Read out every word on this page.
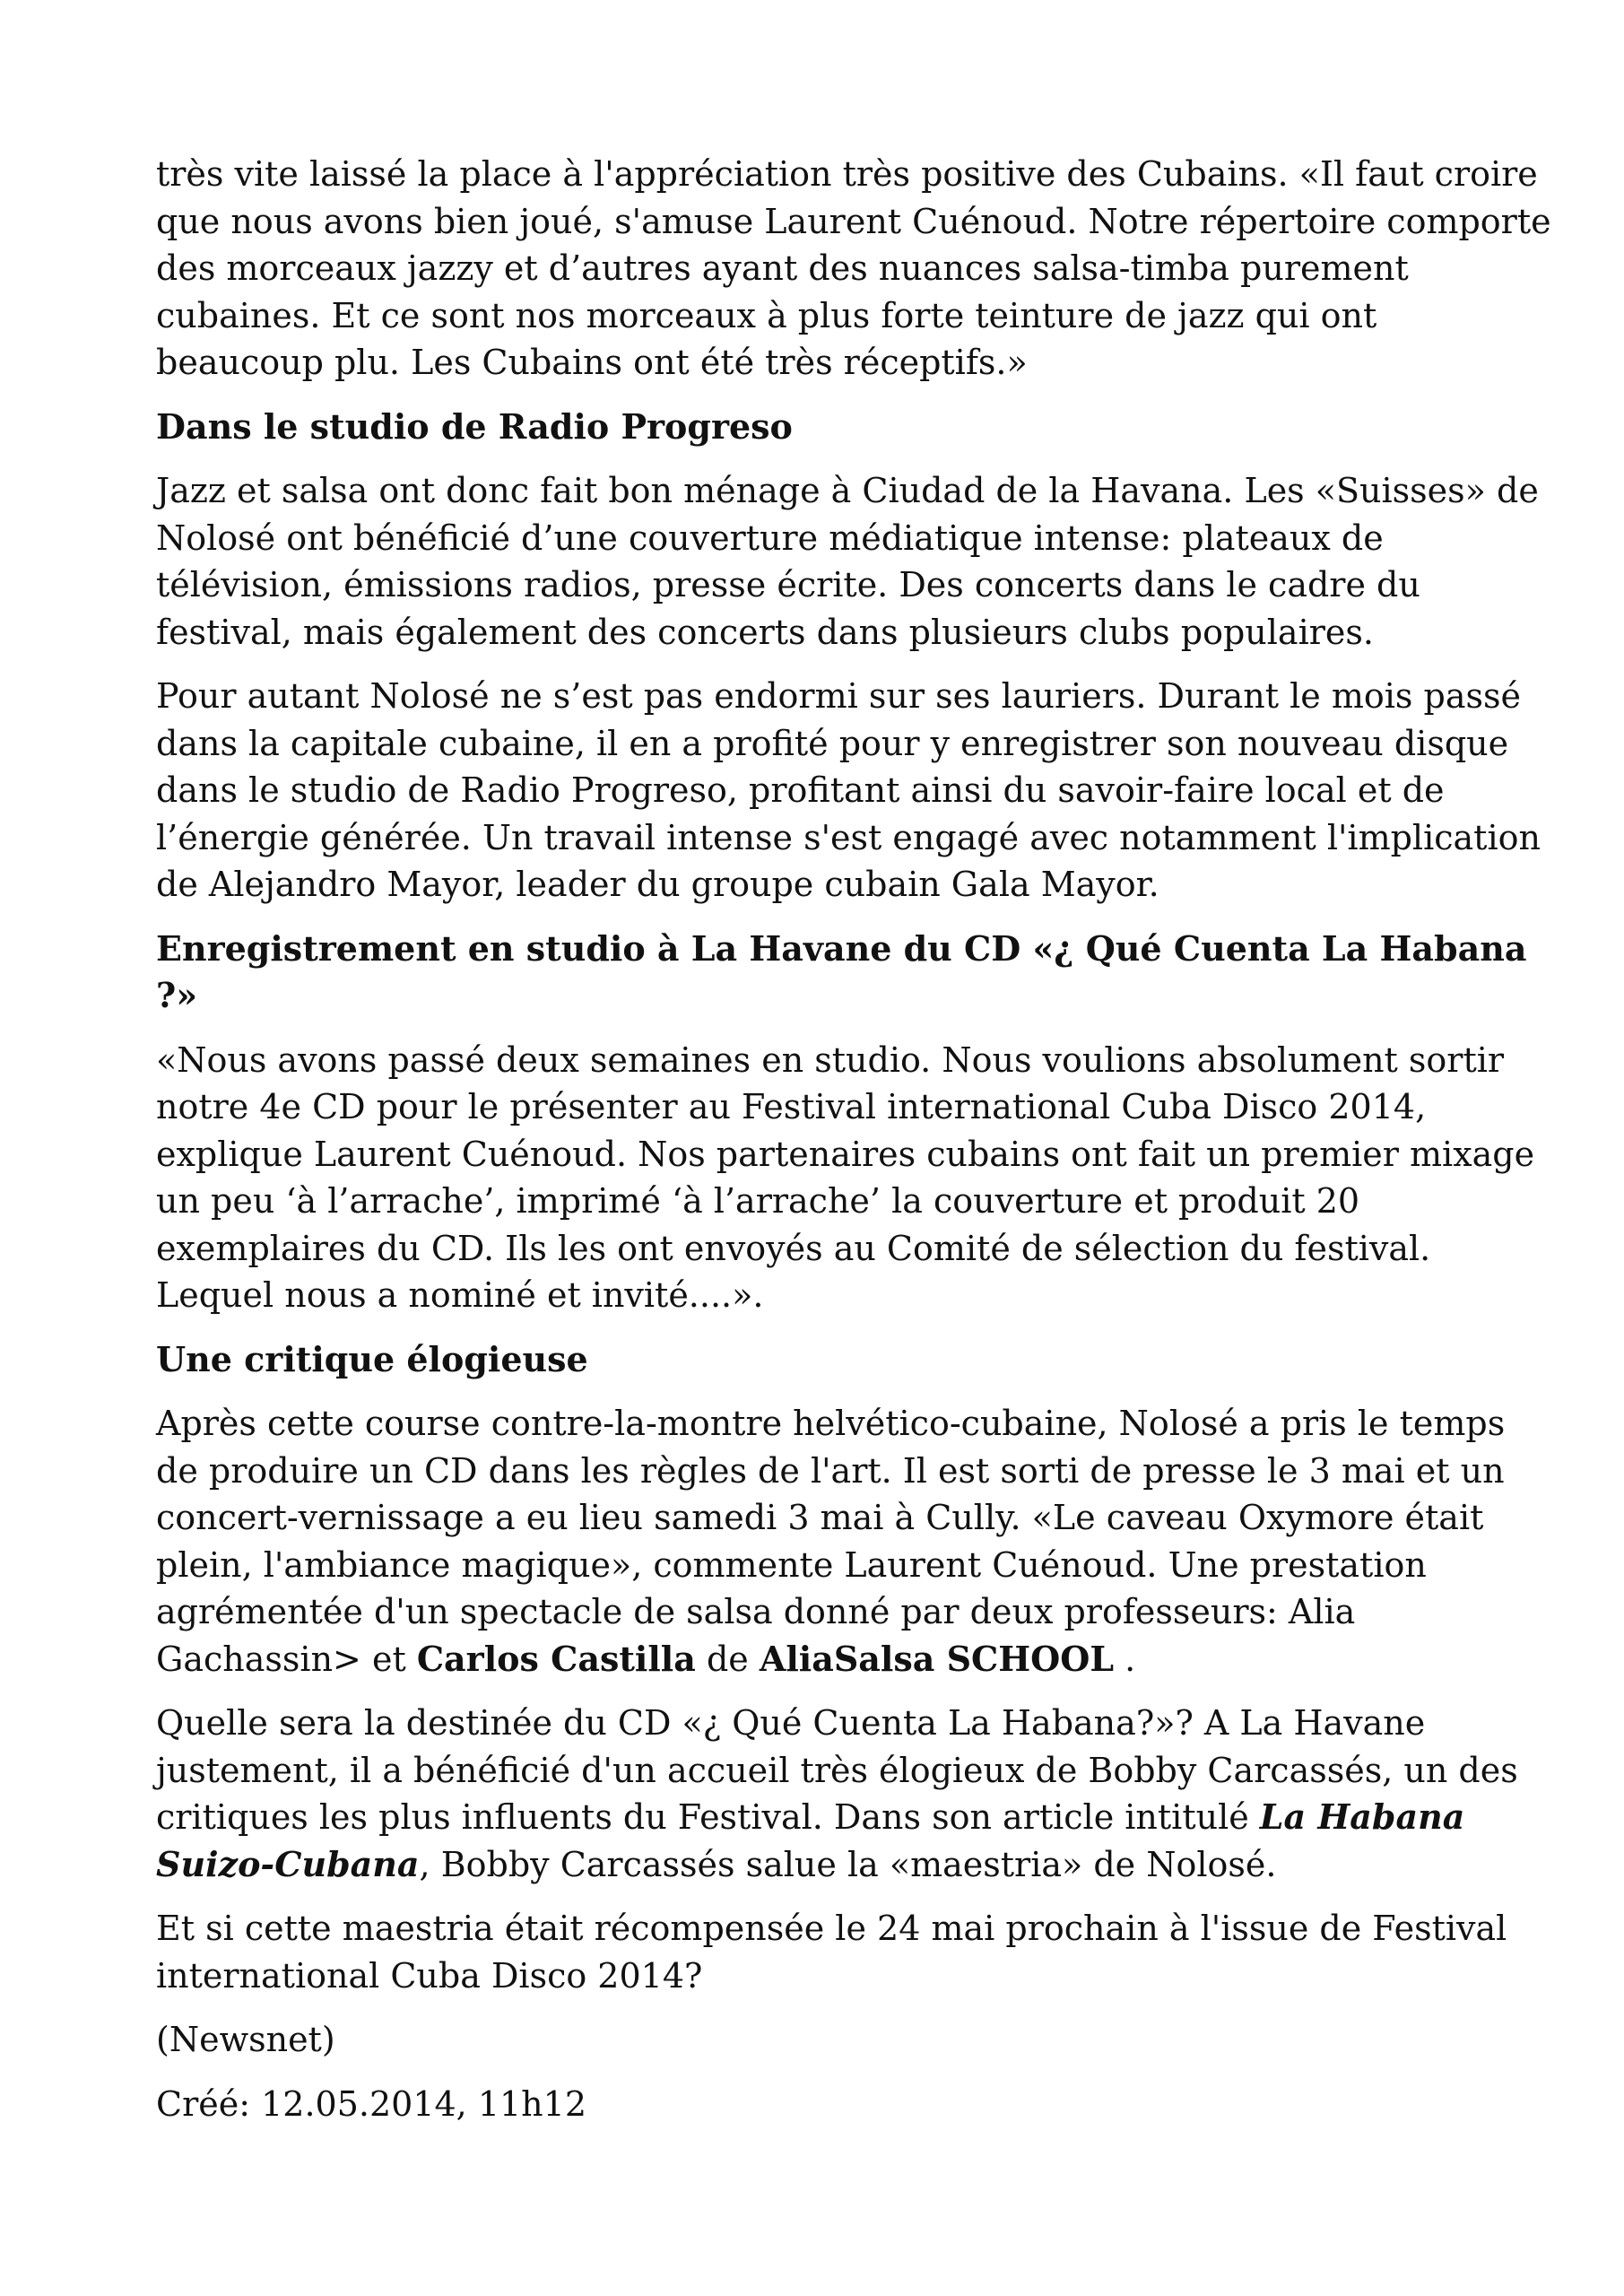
très vite laissé la place à l'appréciation très positive des Cubains. «Il faut croire que nous avons bien joué, s'amuse Laurent Cuénoud. Notre répertoire comporte des morceaux jazzy et d’autres ayant des nuances salsa-timba purement cubaines. Et ce sont nos morceaux à plus forte teinture de jazz qui ont beaucoup plu. Les Cubains ont été très réceptifs.»

Dans le studio de Radio Progreso

Jazz et salsa ont donc fait bon ménage à Ciudad de la Havana. Les «Suisses» de Nolosé ont bénéficié d’une couverture médiatique intense: plateaux de télévision, émissions radios, presse écrite. Des concerts dans le cadre du festival, mais également des concerts dans plusieurs clubs populaires.

Pour autant Nolosé ne s’est pas endormi sur ses lauriers. Durant le mois passé dans la capitale cubaine, il en a profité pour y enregistrer son nouveau disque dans le studio de Radio Progreso, profitant ainsi du savoir-faire local et de l’énergie générée. Un travail intense s'est engagé avec notamment l'implication de Alejandro Mayor, leader du groupe cubain Gala Mayor.

Enregistrement en studio à La Havane du CD «¿ Qué Cuenta La Habana ?»

«Nous avons passé deux semaines en studio. Nous voulions absolument sortir notre 4e CD pour le présenter au Festival international Cuba Disco 2014, explique Laurent Cuénoud. Nos partenaires cubains ont fait un premier mixage un peu ‘à l’arrache’, imprimé ‘à l’arrache’ la couverture et produit 20 exemplaires du CD. Ils les ont envoyés au Comité de sélection du festival. Lequel nous a nominé et invité....».

Une critique élogieuse

Après cette course contre-la-montre helvético-cubaine, Nolosé a pris le temps de produire un CD dans les règles de l'art. Il est sorti de presse le 3 mai et un concert-vernissage a eu lieu samedi 3 mai à Cully. «Le caveau Oxymore était plein, l'ambiance magique», commente Laurent Cuénoud. Une prestation agrémentée d'un spectacle de salsa donné par deux professeurs: Alia Gachassin> et Carlos Castilla de AliaSalsa SCHOOL .

Quelle sera la destinée du CD «¿ Qué Cuenta La Habana?»? A La Havane justement, il a bénéficié d'un accueil très élogieux de Bobby Carcassés, un des critiques les plus influents du Festival. Dans son article intitulé La Habana Suizo-Cubana, Bobby Carcassés salue la «maestria» de Nolosé.

Et si cette maestria était récompensée le 24 mai prochain à l'issue de Festival international Cuba Disco 2014?

(Newsnet)

Créé: 12.05.2014, 11h12
